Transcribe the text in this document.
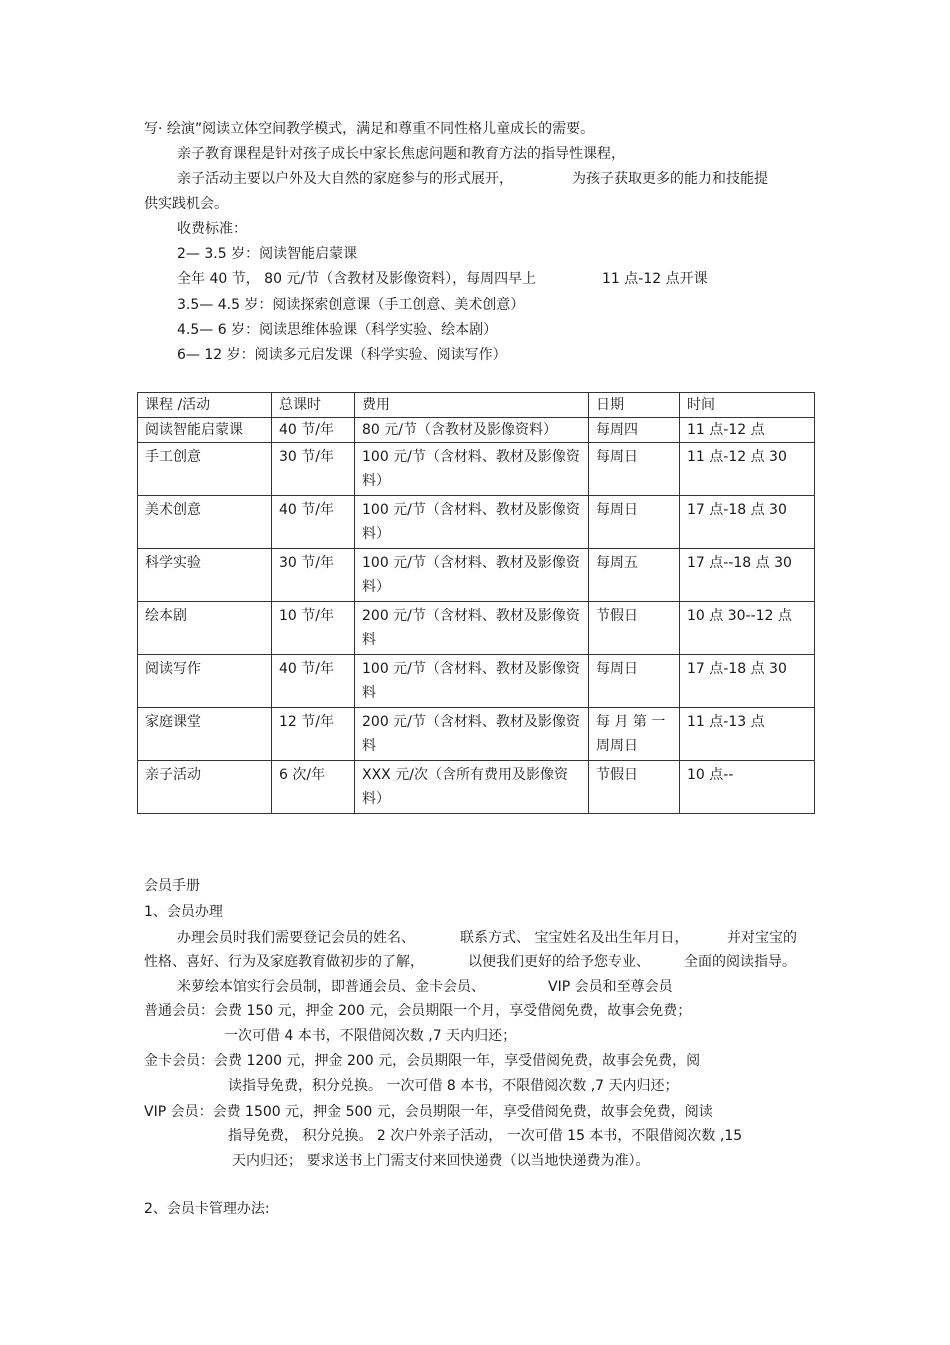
写· 绘演”阅读立体空间教学模式，满足和尊重不同性格儿童成长的需要。
亲子教育课程是针对孩子成长中家长焦虑问题和教育方法的指导性课程，
亲子活动主要以户外及大自然的家庭参与的形式展开，	为孩子获取更多的能力和技能提
供实践机会。
收费标准：
2— 3.5 岁：阅读智能启蒙课
全年 40 节， 80 元/节（含教材及影像资料），每周四早上	11 点-12 点开课
3.5— 4.5 岁：阅读探索创意课（手工创意、美术创意）
4.5— 6 岁：阅读思维体验课（科学实验、绘本剧）
6— 12 岁：阅读多元启发课（科学实验、阅读写作）
课程 /活动	总课时	费用	日期	时间
阅读智能启蒙课	40 节/年	80 元/节（含教材及影像资料）	每周四	11 点-12 点
手工创意	30 节/年	100 元/节（含材料、教材及影像资料）	每周日	11 点-12 点 30
美术创意	40 节/年	100 元/节（含材料、教材及影像资料）	每周日	17 点-18 点 30
科学实验	30 节/年	100 元/节（含材料、教材及影像资料）	每周五	17 点--18 点 30
绘本剧	10 节/年	200 元/节（含材料、教材及影像资料	节假日	10 点 30--12 点
阅读写作	40 节/年	100 元/节（含材料、教材及影像资料	每周日	17 点-18 点 30
家庭课堂	12 节/年	200 元/节（含材料、教材及影像资料	每 月 第 一 周周日	11 点-13 点
亲子活动	6 次/年	XXX 元/次（含所有费用及影像资料）	节假日	10 点--
会员手册
1、会员办理
办理会员时我们需要登记会员的姓名、	联系方式、 宝宝姓名及出生年月日，	并对宝宝的
性格、喜好、行为及家庭教育做初步的了解，	以便我们更好的给予您专业、 全面的阅读指导。
米萝绘本馆实行会员制，即普通会员、金卡会员、	VIP 会员和至尊会员
普通会员：会费 150 元，押金 200 元，会员期限一个月，享受借阅免费，故事会免费；
一次可借 4 本书，不限借阅次数 ,7 天内归还；
金卡会员：会费 1200 元，押金 200 元，会员期限一年，享受借阅免费，故事会免费，阅
读指导免费，积分兑换。 一次可借 8 本书，不限借阅次数 ,7 天内归还；
VIP 会员：会费 1500 元，押金 500 元，会员期限一年，享受借阅免费，故事会免费，阅读
指导免费， 积分兑换。 2 次户外亲子活动， 一次可借 15 本书，不限借阅次数 ,15
天内归还； 要求送书上门需支付来回快递费（以当地快递费为准）。
2、会员卡管理办法:
